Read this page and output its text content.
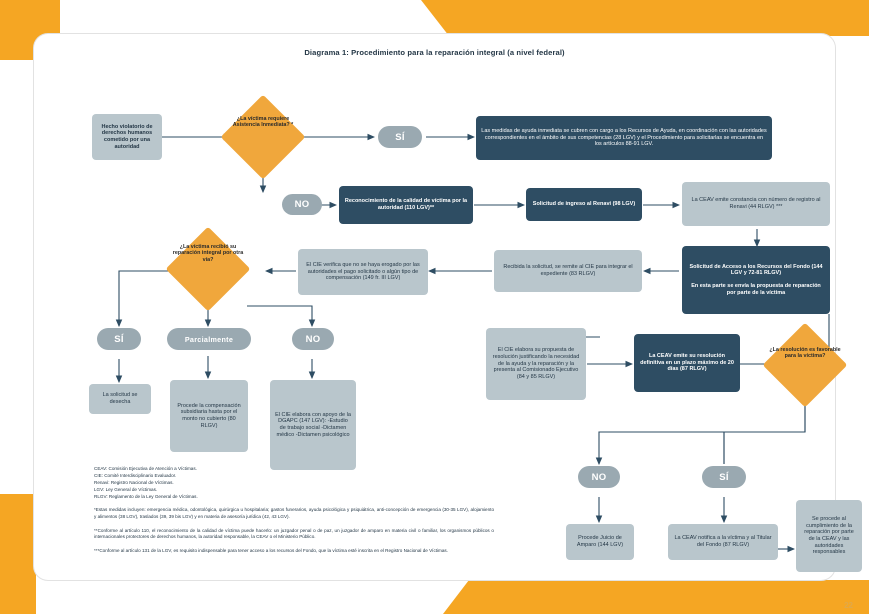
Diagrama 1: Procedimiento para la reparación integral (a nivel federal)
Hecho violatorio de derechos humanos cometido por una autoridad
¿La víctima requiere Asistencia Inmediata? *
SÍ
Las medidas de ayuda inmediata se cubren con cargo a los Recursos de Ayuda, en coordinación con las autoridades correspondientes en el ámbito de sus competencias (28 LGV) y el Procedimiento para solicitarlas se encuentra en los artículos 88-91 LGV.
NO	Reconocimiento de la calidad de víctima por la autoridad (110 LGV)**
Solicitud de ingreso al Renavi (98 LGV)
La CEAV emite constancia con número de registro al Renavi (44 RLGV) ***
¿La víctima recibió su reparación integral por otra vía?
El CIE verifica que no se haya erogado por las autoridades el pago solicitado o algún tipo de compensación (149 fr. III LGV)
Recibida la solicitud, se remite al CIE para integrar el expediente (83 RLGV)
Solicitud de Acceso a los Recursos del Fondo (144 LGV y 72-81 RLGV)
En esta parte se envía la propuesta de reparación por parte de la víctima
SÍ	Parcialmente	NO
La solicitud se desecha
Procede la compensación subsidiaria hasta por el monto no cubierto (80 RLGV)
El CIE elabora con apoyo de la DGAPC (147 LGV): -Estudio de trabajo social -Dictamen médico -Dictamen psicológico
El CIE elabora su propuesta de resolución justificando la necesidad de la ayuda y la reparación y la presenta al Comisionado Ejecutivo (84 y 85 RLGV)
La CEAV emite su resolución definitiva en un plazo máximo de 20 días (87 RLGV)
¿La resolución es favorable para la víctima?
NO	SÍ
Procede Juicio de Amparo (144 LGV)
La CEAV notifica a la víctima y al Titular del Fondo (87 RLGV)
Se procede al cumplimiento de la reparación por parte de la CEAV y las autoridades responsables
CEAV: Comisión Ejecutiva de Atención a Víctimas.
CIE: Comité Interdisciplinario Evaluador.
Renavi: Registro Nacional de Víctimas.
LGV: Ley General de Víctimas.
RLGV: Reglamento de la Ley General de Víctimas.
*Estas medidas incluyen: emergencia médica, odontológica, quirúrgica u hospitalaria; gastos funerarios, ayuda psicológica y psiquiátrica, anti-concepción de emergencia (30-35 LGV), alojamiento y alimentos (38 LGV), traslados (39, 39 bis LGV) y en materia de asesoría jurídica (42, 43 LGV).
**Conforme al artículo 110, el reconocimiento de la calidad de víctima puede hacerlo: un juzgador penal o de paz, un juzgador de amparo en materia civil o familiar, los organismos públicos o internacionales protectores de derechos humanos, la autoridad responsable, la CEAV o el Ministerio Público.
***Conforme al artículo 131 de la LGV, es requisito indispensable para tener acceso a los recursos del Fondo, que la víctima esté inscrita en el Registro Nacional de Víctimas.
22
